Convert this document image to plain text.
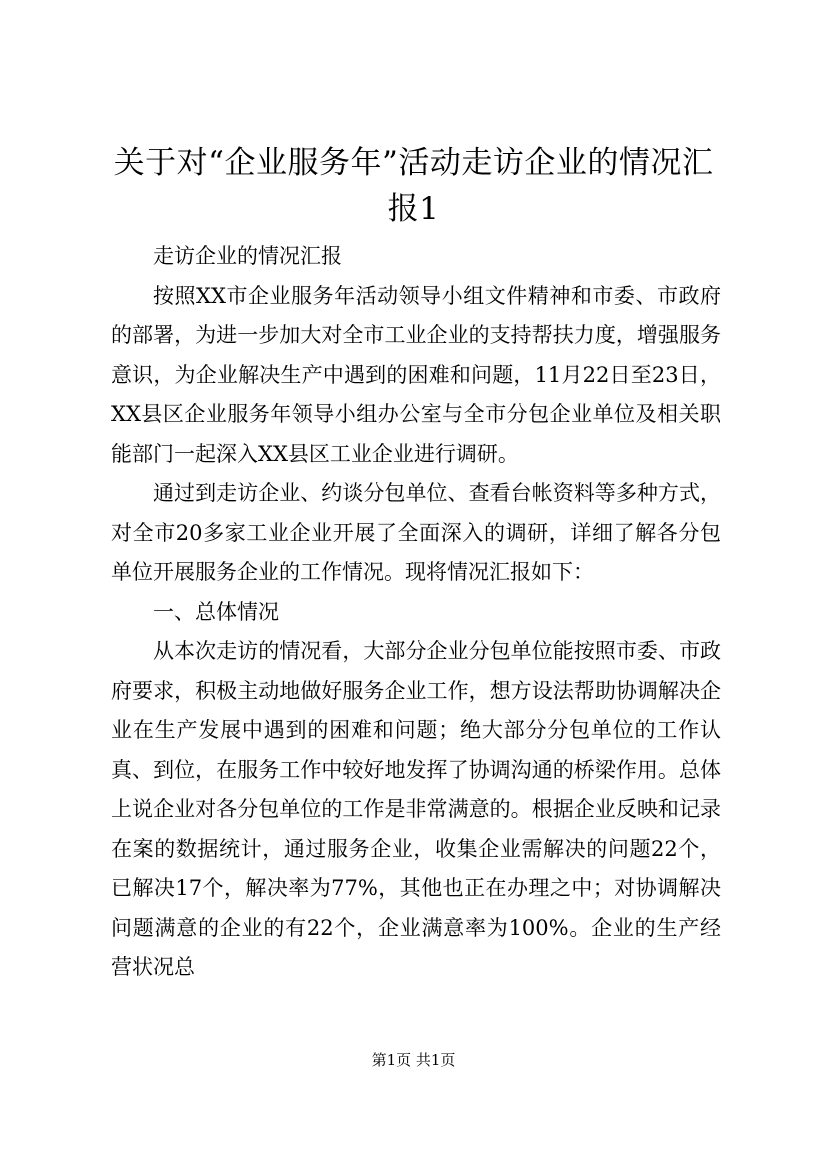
关于对“企业服务年”活动走访企业的情况汇报1

走访企业的情况汇报

按照XX市企业服务年活动领导小组文件精神和市委、市政府的部署，为进一步加大对全市工业企业的支持帮扶力度，增强服务意识，为企业解决生产中遇到的困难和问题，11月22日至23日，XX县区企业服务年领导小组办公室与全市分包企业单位及相关职能部门一起深入XX县区工业企业进行调研。

通过到走访企业、约谈分包单位、查看台帐资料等多种方式，对全市20多家工业企业开展了全面深入的调研，详细了解各分包单位开展服务企业的工作情况。现将情况汇报如下：

一、总体情况

从本次走访的情况看，大部分企业分包单位能按照市委、市政府要求，积极主动地做好服务企业工作，想方设法帮助协调解决企业在生产发展中遇到的困难和问题；绝大部分分包单位的工作认真、到位，在服务工作中较好地发挥了协调沟通的桥梁作用。总体上说企业对各分包单位的工作是非常满意的。根据企业反映和记录在案的数据统计，通过服务企业，收集企业需解决的问题22个，已解决17个，解决率为77%，其他也正在办理之中；对协调解决问题满意的企业的有22个，企业满意率为100%。企业的生产经营状况总

第1页 共1页
